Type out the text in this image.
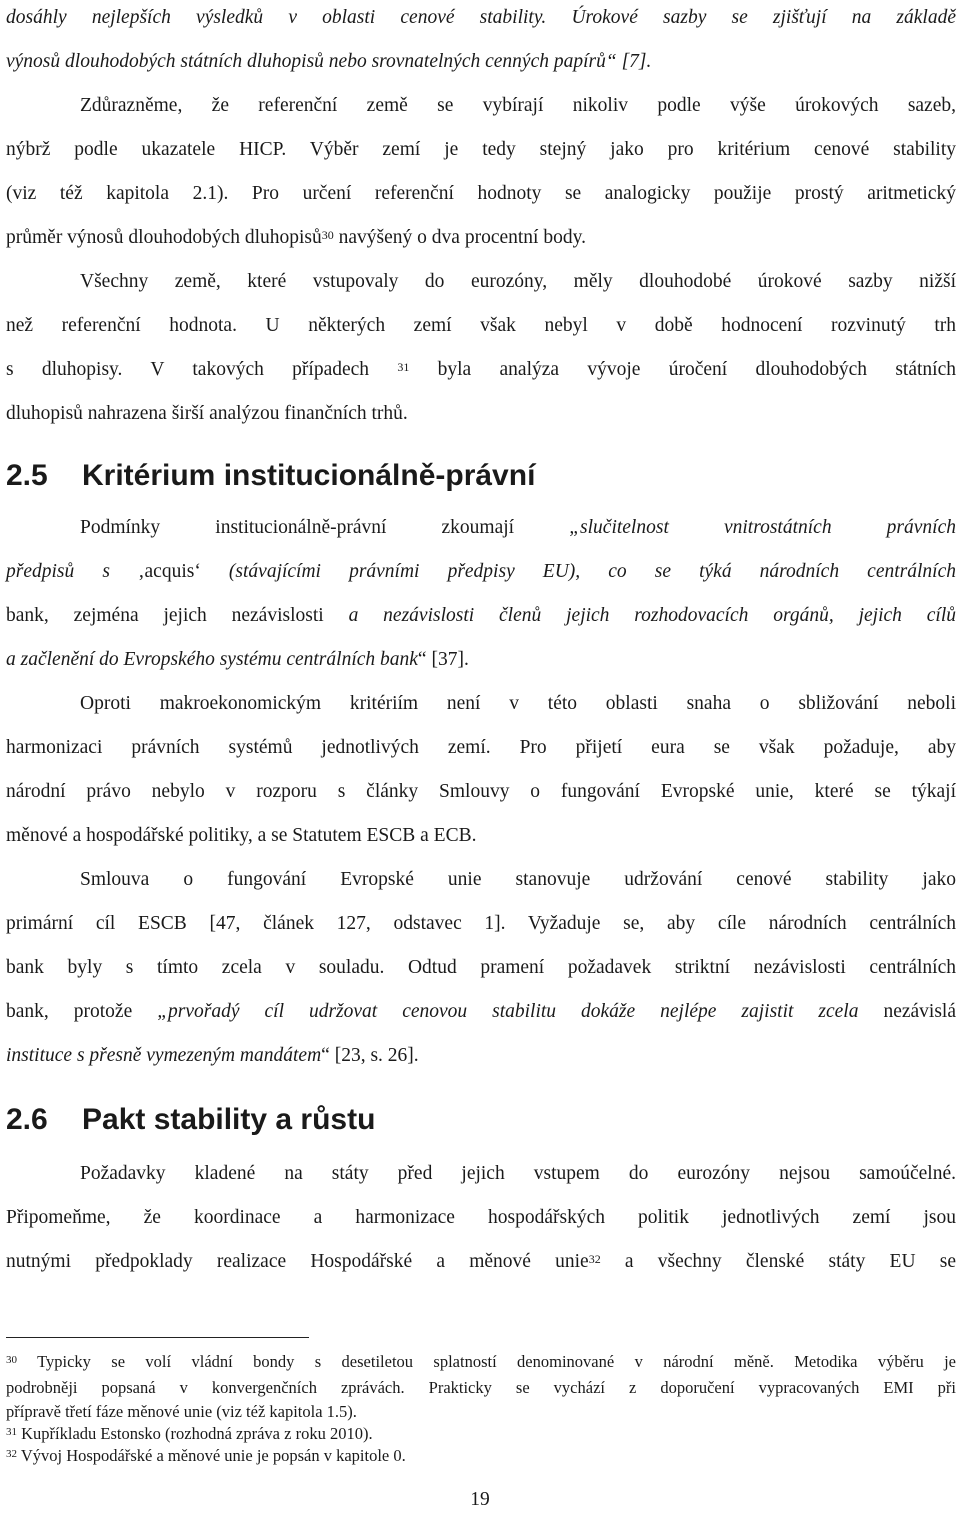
dosáhly nejlepších výsledků v oblasti cenové stability. Úrokové sazby se zjišťují na základě
výnosů dlouhodobých státních dluhopisů nebo srovnatelných cenných papírů“ [7].
Zdůrazněme, že referenční země se vybírají nikoliv podle výše úrokových sazeb,
nýbrž podle ukazatele HICP. Výběr zemí je tedy stejný jako pro kritérium cenové stability
(viz též kapitola 2.1). Pro určení referenční hodnoty se analogicky použije prostý aritmetický
průměr výnosů dlouhodobých dluhopisů$^{30}$ navýšený o dva procentní body.
Všechny země, které vstupovaly do eurozóny, měly dlouhodobé úrokové sazby nižší
než referenční hodnota. U některých zemí však nebyl v době hodnocení rozvinutý trh
s dluhopisy. V takových případech $^{31}$ byla analýza vývoje úročení dlouhodobých státních
dluhopisů nahrazena širší analýzou finančních trhů.
2.5 Kritérium institucionálně-právní
Podmínky institucionálně-právní zkoumají „slučitelnost vnitrostátních právních
předpisů s ‚acquis‘ (stávajícími právními předpisy EU), co se týká národních centrálních
bank, zejména jejich nezávislosti a nezávislosti členů jejich rozhodovacích orgánů, jejich cílů
a začlenění do Evropského systému centrálních bank“ [37].
Oproti makroekonomickým kritériím není v této oblasti snaha o sbližování neboli
harmonizaci právních systémů jednotlivých zemí. Pro přijetí eura se však požaduje, aby
národní právo nebylo v rozporu s články Smlouvy o fungování Evropské unie, které se týkají
měnové a hospodářské politiky, a se Statutem ESCB a ECB.
Smlouva o fungování Evropské unie stanovuje udržování cenové stability jako
primární cíl ESCB [47, článek 127, odstavec 1]. Vyžaduje se, aby cíle národních centrálních
bank byly s tímto zcela v souladu. Odtud pramení požadavek striktní nezávislosti centrálních
bank, protože „prvořadý cíl udržovat cenovou stabilitu dokáže nejlépe zajistit zcela nezávislá
instituce s přesně vymezeným mandátem“ [23, s. 26].
2.6 Pakt stability a růstu
Požadavky kladené na státy před jejich vstupem do eurozóny nejsou samoúčelné.
Připomeňme, že koordinace a harmonizace hospodářských politik jednotlivých zemí jsou
nutnými předpoklady realizace Hospodářské a měnové unie$^{32}$ a všechny členské státy EU se
$^{30}$ Typicky se volí vládní bondy s desetiletou splatností denominované v národní měně. Metodika výběru je
podrobněji popsaná v konvergenčních zprávách. Prakticky se vychází z doporučení vypracovaných EMI při
přípravě třetí fáze měnové unie (viz též kapitola 1.5).
$^{31}$ Kupříkladu Estonsko (rozhodná zpráva z roku 2010).
$^{32}$ Vývoj Hospodářské a měnové unie je popsán v kapitole 0.
19
